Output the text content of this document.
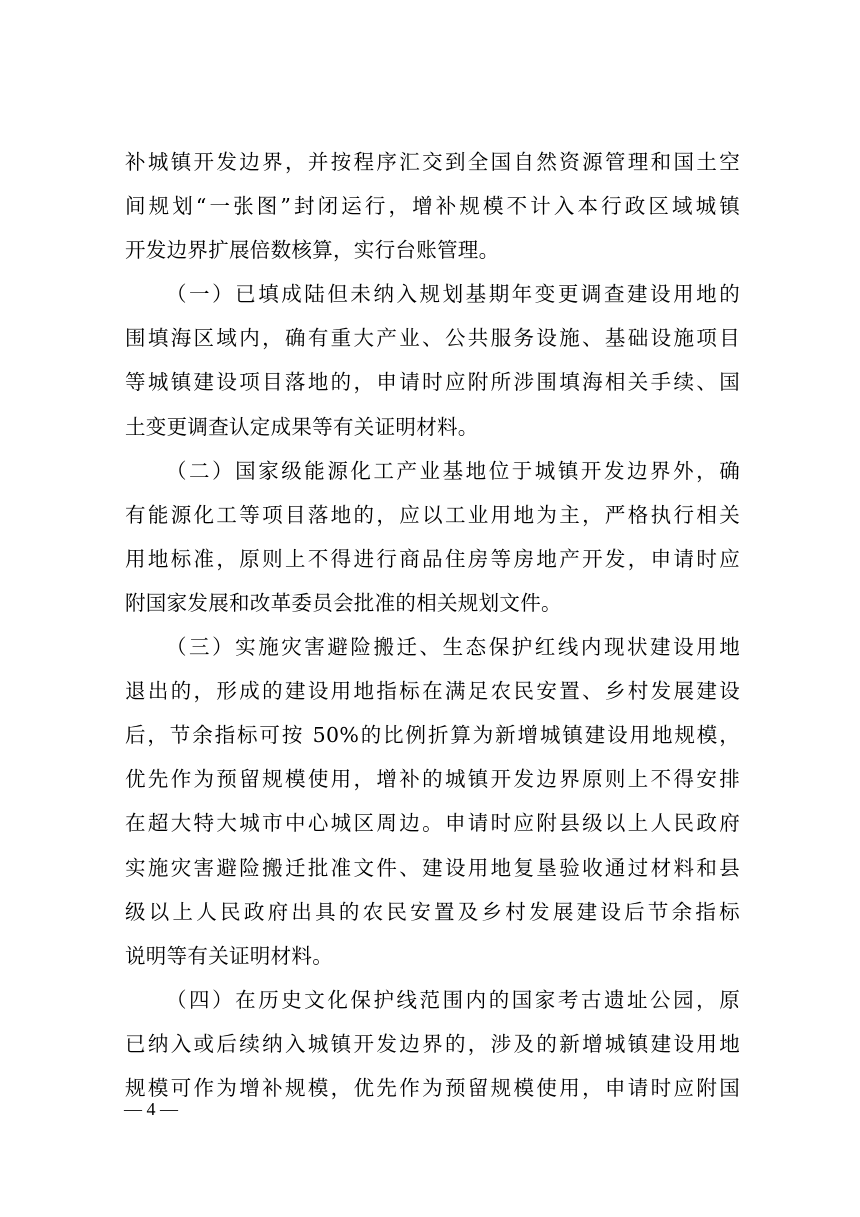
补城镇开发边界，并按程序汇交到全国自然资源管理和国土空
间规划“一张图”封闭运行，增补规模不计入本行政区域城镇
开发边界扩展倍数核算，实行台账管理。
（一）已填成陆但未纳入规划基期年变更调查建设用地的
围填海区域内，确有重大产业、公共服务设施、基础设施项目
等城镇建设项目落地的，申请时应附所涉围填海相关手续、国
土变更调查认定成果等有关证明材料。
（二）国家级能源化工产业基地位于城镇开发边界外，确
有能源化工等项目落地的，应以工业用地为主，严格执行相关
用地标准，原则上不得进行商品住房等房地产开发，申请时应
附国家发展和改革委员会批准的相关规划文件。
（三）实施灾害避险搬迁、生态保护红线内现状建设用地
退出的，形成的建设用地指标在满足农民安置、乡村发展建设
后，节余指标可按 50%的比例折算为新增城镇建设用地规模，
优先作为预留规模使用，增补的城镇开发边界原则上不得安排
在超大特大城市中心城区周边。申请时应附县级以上人民政府
实施灾害避险搬迁批准文件、建设用地复垦验收通过材料和县
级以上人民政府出具的农民安置及乡村发展建设后节余指标
说明等有关证明材料。
（四）在历史文化保护线范围内的国家考古遗址公园，原
已纳入或后续纳入城镇开发边界的，涉及的新增城镇建设用地
规模可作为增补规模，优先作为预留规模使用，申请时应附国
— 4 —
